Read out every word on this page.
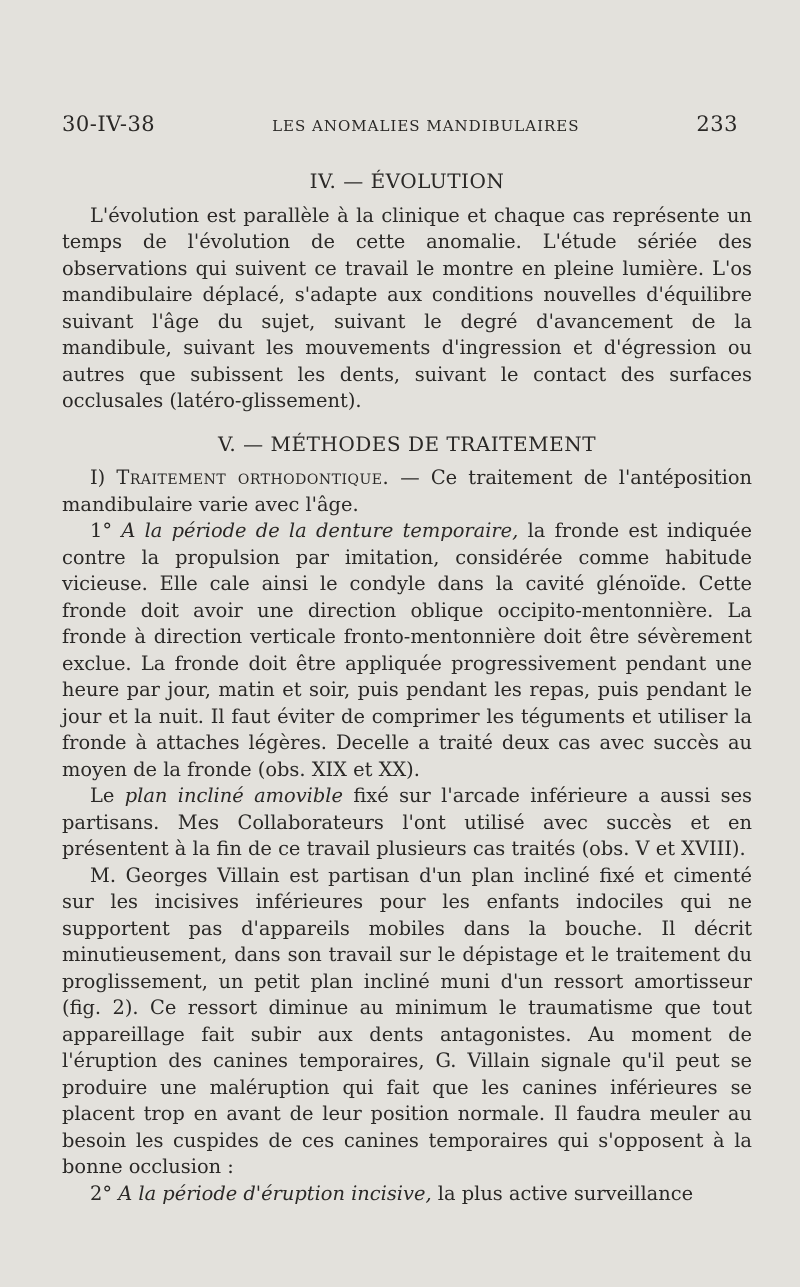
30-IV-38	LES ANOMALIES MANDIBULAIRES	233
IV. — ÉVOLUTION

L'évolution est parallèle à la clinique et chaque cas représente un temps de l'évolution de cette anomalie. L'étude sériée des observations qui suivent ce travail le montre en pleine lumière. L'os mandibulaire déplacé, s'adapte aux conditions nouvelles d'équilibre suivant l'âge du sujet, suivant le degré d'avancement de la mandibule, suivant les mouvements d'ingression et d'égression ou autres que subissent les dents, suivant le contact des surfaces occlusales (latéro-glissement).

V. — MÉTHODES DE TRAITEMENT

I) Traitement orthodontique. — Ce traitement de l'antéposition mandibulaire varie avec l'âge.

1° A la période de la denture temporaire, la fronde est indiquée contre la propulsion par imitation, considérée comme habitude vicieuse. Elle cale ainsi le condyle dans la cavité glénoïde. Cette fronde doit avoir une direction oblique occipito-mentonnière. La fronde à direction verticale fronto-mentonnière doit être sévèrement exclue. La fronde doit être appliquée progressivement pendant une heure par jour, matin et soir, puis pendant les repas, puis pendant le jour et la nuit. Il faut éviter de comprimer les téguments et utiliser la fronde à attaches légères. Decelle a traité deux cas avec succès au moyen de la fronde (obs. XIX et XX).

Le plan incliné amovible fixé sur l'arcade inférieure a aussi ses partisans. Mes Collaborateurs l'ont utilisé avec succès et en présentent à la fin de ce travail plusieurs cas traités (obs. V et XVIII).

M. Georges Villain est partisan d'un plan incliné fixé et cimenté sur les incisives inférieures pour les enfants indociles qui ne supportent pas d'appareils mobiles dans la bouche. Il décrit minutieusement, dans son travail sur le dépistage et le traitement du proglissement, un petit plan incliné muni d'un ressort amortisseur (fig. 2). Ce ressort diminue au minimum le traumatisme que tout appareillage fait subir aux dents antagonistes. Au moment de l'éruption des canines temporaires, G. Villain signale qu'il peut se produire une maléruption qui fait que les canines inférieures se placent trop en avant de leur position normale. Il faudra meuler au besoin les cuspides de ces canines temporaires qui s'opposent à la bonne occlusion :

2° A la période d'éruption incisive, la plus active surveillance
